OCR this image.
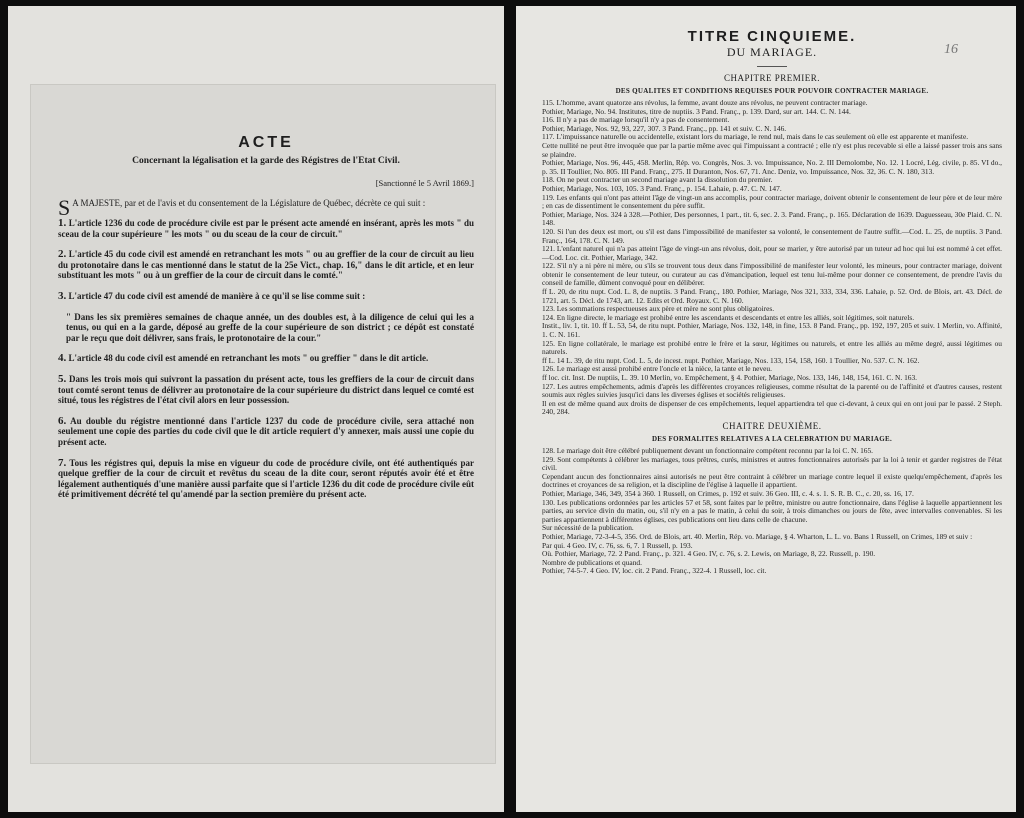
ACTE

Concernant la légalisation et la garde des Régistres de l'Etat Civil.

[Sanctionné le 5 Avril 1869.]

S A MAJESTE, par et de l'avis et du consentement de la Législature de Québec, décrète ce qui suit :

1. L'article 1236 du code de procédure civile est par le présent acte amendé en insérant, après les mots " du sceau de la cour supérieure " les mots " ou du sceau de la cour de circuit."

2. L'article 45 du code civil est amendé en retranchant les mots " ou au greffier de la cour de circuit au lieu du protonotaire dans le cas mentionné dans le statut de la 25e Vict., chap. 16," dans le dit article, et en leur substituant les mots " ou à un greffier de la cour de circuit dans le comté."

3. L'article 47 du code civil est amendé de manière à ce qu'il se lise comme suit :

" Dans les six premières semaines de chaque année, un des doubles est, à la diligence de celui qui les a tenus, ou qui en a la garde, déposé au greffe de la cour supérieure de son district ; ce dépôt est constaté par le reçu que doit délivrer, sans frais, le protonotaire de la cour."

4. L'article 48 du code civil est amendé en retranchant les mots " ou greffier " dans le dit article.

5. Dans les trois mois qui suivront la passation du présent acte, tous les greffiers de la cour de circuit dans tout comté seront tenus de délivrer au protonotaire de la cour supérieure du district dans lequel ce comté est situé, tous les régistres de l'état civil alors en leur possession.

6. Au double du régistre mentionné dans l'article 1237 du code de procédure civile, sera attaché non seulement une copie des parties du code civil que le dit article requiert d'y annexer, mais aussi une copie du présent acte.

7. Tous les régistres qui, depuis la mise en vigueur du code de procédure civile, ont été authentiqués par quelque greffier de la cour de circuit et revêtus du sceau de la dite cour, seront réputés avoir été et être légalement authentiqués d'une manière aussi parfaite que si l'article 1236 du dit code de procédure civile eût été primitivement décrété tel qu'amendé par la section première du présent acte.

16
TITRE CINQUIEME.

DU MARIAGE.

CHAPITRE PREMIER.

DES QUALITES ET CONDITIONS REQUISES POUR POUVOIR CONTRACTER MARIAGE.

115. L'homme, avant quatorze ans révolus, la femme, avant douze ans révolus, ne peuvent contracter mariage.

Pothier, Mariage, No. 94. Institutes, titre de nuptiis. 3 Pand. Franç., p. 139. Dard, sur art. 144. C. N. 144.

116. Il n'y a pas de mariage lorsqu'il n'y a pas de consentement.

Pothier, Mariage, Nos. 92, 93, 227, 307. 3 Pand. Franç., pp. 141 et suiv. C. N. 146.

117. L'impuissance naturelle ou accidentelle, existant lors du mariage, le rend nul, mais dans le cas seulement où elle est apparente et manifeste.

Cette nullité ne peut être invoquée que par la partie même avec qui l'impuissant a contracté ; elle n'y est plus recevable si elle a laissé passer trois ans sans se plaindre.

Pothier, Mariage, Nos. 96, 445, 458. Merlin, Rép. vo. Congrès, Nos. 3. vo. Impuissance, No. 2. III Demolombe, No. 12. 1 Locré, Lég. civile, p. 85. VI do., p. 35. II Toullier, No. 805. III Pand. Franç., 275. II Duranton, Nos. 67, 71. Anc. Deniz, vo. Impuissance, Nos. 32, 36. C. N. 180, 313.

118. On ne peut contracter un second mariage avant la dissolution du premier.

Pothier, Mariage, Nos. 103, 105. 3 Pand. Franç., p. 154. Lahaie, p. 47. C. N. 147.

119. Les enfants qui n'ont pas atteint l'âge de vingt-un ans accomplis, pour contracter mariage, doivent obtenir le consentement de leur père et de leur mère ; en cas de dissentiment le consentement du père suffit.

Pothier, Mariage, Nos. 324 à 328.—Pothier, Des personnes, 1 part., tit. 6, sec. 2. 3. Pand. Franç., p. 165. Déclaration de 1639. Daguesseau, 30e Plaid. C. N. 148.

120. Si l'un des deux est mort, ou s'il est dans l'impossibilité de manifester sa volonté, le consentement de l'autre suffit.—Cod. L. 25, de nuptiis. 3 Pand. Franç., 164, 178. C. N. 149.

121. L'enfant naturel qui n'a pas atteint l'âge de vingt-un ans révolus, doit, pour se marier, y être autorisé par un tuteur ad hoc qui lui est nommé à cet effet.—Cod. Loc. cit. Pothier, Mariage, 342.

122. S'il n'y a ni père ni mère, ou s'ils se trouvent tous deux dans l'impossibilité de manifester leur volonté, les mineurs, pour contracter mariage, doivent obtenir le consentement de leur tuteur, ou curateur au cas d'émancipation, lequel est tenu lui-même pour donner ce consentement, de prendre l'avis du conseil de famille, dûment convoqué pour en délibérer.

ff L. 20, de ritu nupt. Cod. L. 8, de nuptiis. 3 Pand. Franç., 180. Pothier, Mariage, Nos 321, 333, 334, 336. Lahaie, p. 52. Ord. de Blois, art. 43. Décl. de 1721, art. 5. Décl. de 1743, art. 12. Edits et Ord. Royaux. C. N. 160.

123. Les sommations respectueuses aux père et mère ne sont plus obligatoires.

124. En ligne directe, le mariage est prohibé entre les ascendants et descendants et entre les alliés, soit légitimes, soit naturels.

Instit., liv. 1, tit. 10. ff L. 53, 54, de ritu nupt. Pothier, Mariage, Nos. 132, 148, in fine, 153. 8 Pand. Franç., pp. 192, 197, 205 et suiv. 1 Merlin, vo. Affinité, 1. C. N. 161.

125. En ligne collatérale, le mariage est prohibé entre le frère et la sœur, légitimes ou naturels, et entre les alliés au même degré, aussi légitimes ou naturels.

ff L. 14 L. 39, de ritu nupt. Cod. L. 5, de incest. nupt. Pothier, Mariage, Nos. 133, 154, 158, 160. 1 Toullier, No. 537. C. N. 162.

126. Le mariage est aussi prohibé entre l'oncle et la nièce, la tante et le neveu.

ff loc. cit. Inst. De nuptiis, L. 39. 10 Merlin, vo. Empêchement, § 4. Pothier, Mariage, Nos. 133, 146, 148, 154, 161. C. N. 163.

127. Les autres empêchements, admis d'après les différentes croyances religieuses, comme résultat de la parenté ou de l'affinité et d'autres causes, restent soumis aux règles suivies jusqu'ici dans les diverses églises et sociétés religieuses.

Il en est de même quand aux droits de dispenser de ces empêchements, lequel appartiendra tel que ci-devant, à ceux qui en ont joui par le passé. 2 Steph. 240, 284.

CHAITRE DEUXIÈME.

DES FORMALITES RELATIVES A LA CELEBRATION DU MARIAGE.

128. Le mariage doit être célébré publiquement devant un fonctionnaire compétent reconnu par la loi C. N. 165.

129. Sont compétents à célébrer les mariages, tous prêtres, curés, ministres et autres fonctionnaires autorisés par la loi à tenir et garder registres de l'état civil.

Cependant aucun des fonctionnaires ainsi autorisés ne peut être contraint à célébrer un mariage contre lequel il existe quelqu'empêchement, d'après les doctrines et croyances de sa religion, et la discipline de l'église à laquelle il appartient.

Pothier, Mariage, 346, 349, 354 à 360. 1 Russell, on Crimes, p. 192 et suiv. 36 Geo. III, c. 4. s. 1. S. R. B. C., c. 20, ss. 16, 17.

130. Les publications ordonnées par les articles 57 et 58, sont faites par le prêtre, ministre ou autre fonctionnaire, dans l'église à laquelle appartiennent les parties, au service divin du matin, ou, s'il n'y en a pas le matin, à celui du soir, à trois dimanches ou jours de fête, avec intervalles convenables. Si les parties appartiennent à différentes églises, ces publications ont lieu dans celle de chacune.

Sur nécessité de la publication.

Pothier, Mariage, 72-3-4-5, 356. Ord. de Blois, art. 40. Merlin, Rép. vo. Mariage, § 4. Wharton, L. L. vo. Bans 1 Russell, on Crimes, 189 et suiv :

Par qui. 4 Geo. IV, c. 76, ss. 6, 7. 1 Russell, p. 193.

Où. Pothier, Mariage, 72. 2 Pand. Franç., p. 321. 4 Geo. IV, c. 76, s. 2. Lewis, on Mariage, 8, 22. Russell, p. 190.

Nombre de publications et quand.

Pothier, 74-5-7. 4 Geo. IV, loc. cit. 2 Pand. Franç., 322-4. 1 Russell, loc. cit.
